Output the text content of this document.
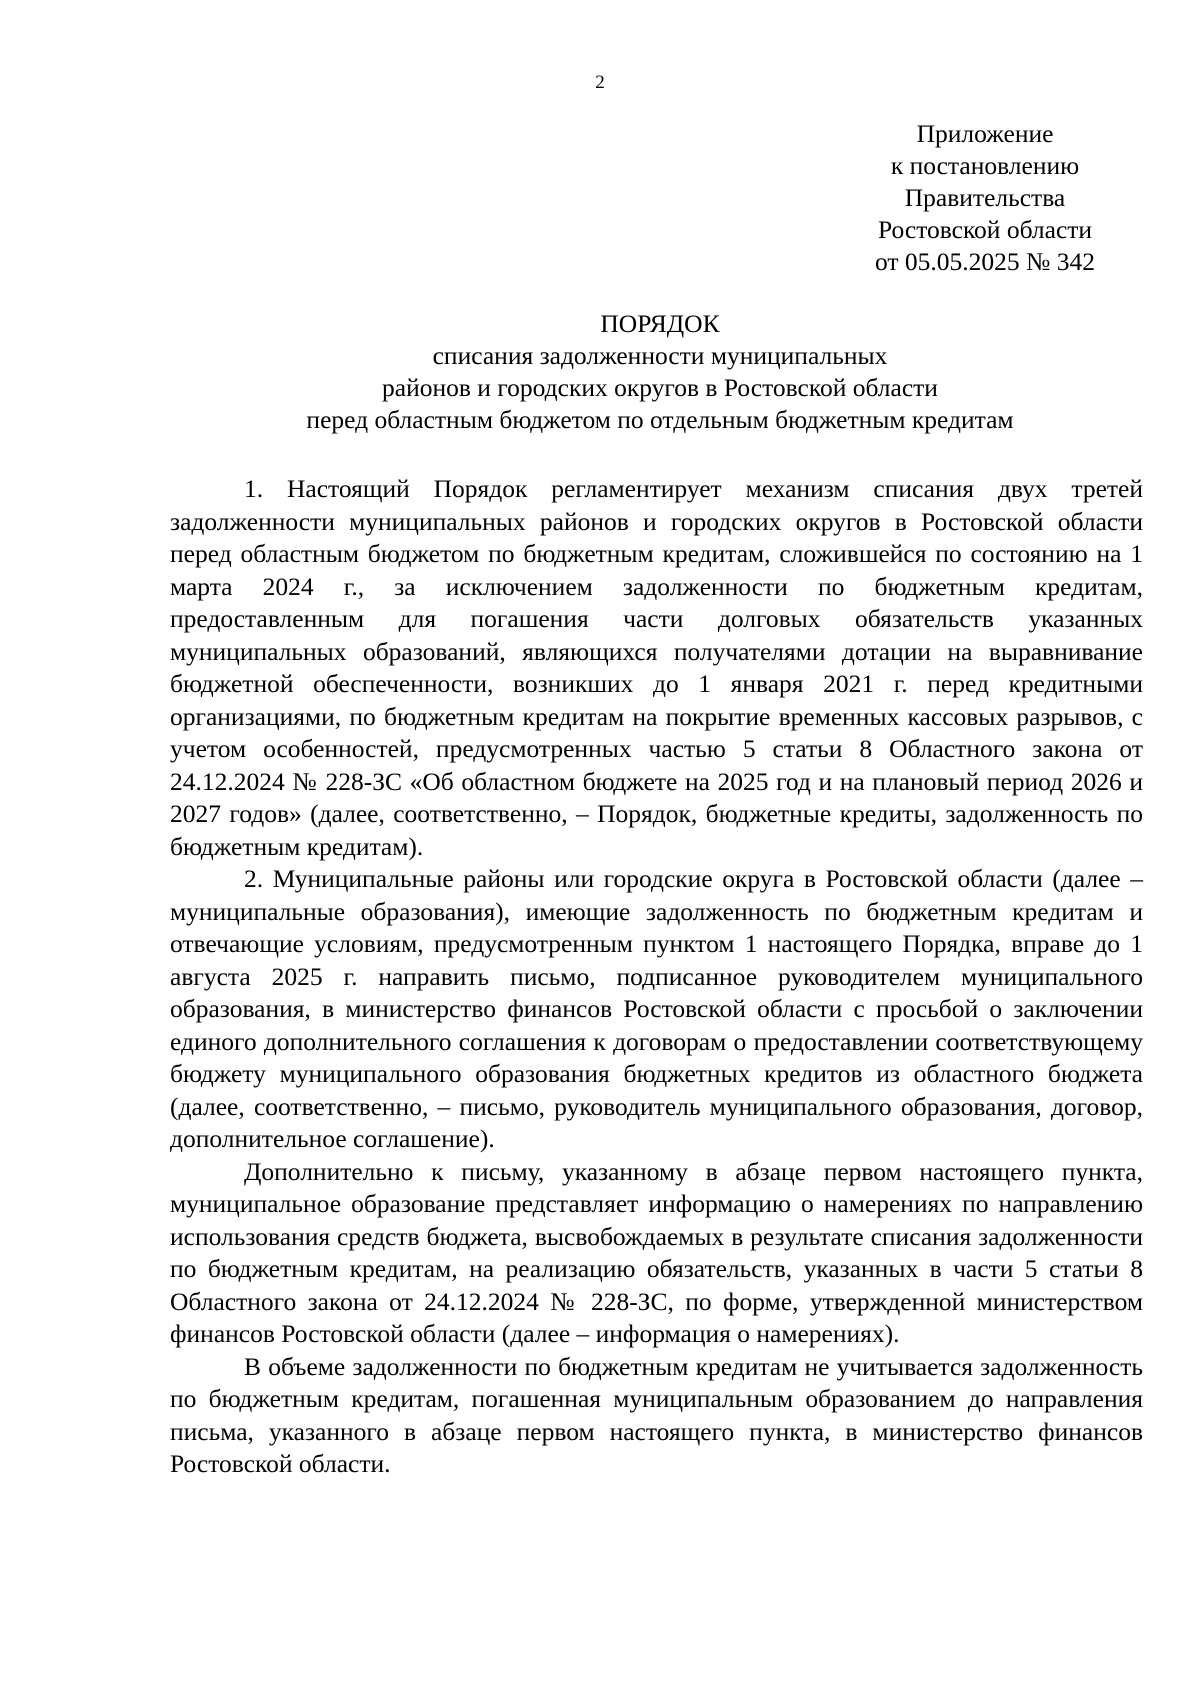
2
Приложение
к постановлению
Правительства
Ростовской области
от 05.05.2025 № 342
ПОРЯДОК
списания задолженности муниципальных
районов и городских округов в Ростовской области
перед областным бюджетом по отдельным бюджетным кредитам

1. Настоящий Порядок регламентирует механизм списания двух третей задолженности муниципальных районов и городских округов в Ростовской области перед областным бюджетом по бюджетным кредитам, сложившейся по состоянию на 1 марта 2024 г., за исключением задолженности по бюджетным кредитам, предоставленным для погашения части долговых обязательств указанных муниципальных образований, являющихся получателями дотации на выравнивание бюджетной обеспеченности, возникших до 1 января 2021 г. перед кредитными организациями, по бюджетным кредитам на покрытие временных кассовых разрывов, с учетом особенностей, предусмотренных частью 5 статьи 8 Областного закона от 24.12.2024 № 228-ЗС «Об областном бюджете на 2025 год и на плановый период 2026 и 2027 годов» (далее, соответственно, – Порядок, бюджетные кредиты, задолженность по бюджетным кредитам).

2. Муниципальные районы или городские округа в Ростовской области (далее – муниципальные образования), имеющие задолженность по бюджетным кредитам и отвечающие условиям, предусмотренным пунктом 1 настоящего Порядка, вправе до 1 августа 2025 г. направить письмо, подписанное руководителем муниципального образования, в министерство финансов Ростовской области с просьбой о заключении единого дополнительного соглашения к договорам о предоставлении соответствующему бюджету муниципального образования бюджетных кредитов из областного бюджета (далее, соответственно, – письмо, руководитель муниципального образования, договор, дополнительное соглашение).

Дополнительно к письму, указанному в абзаце первом настоящего пункта, муниципальное образование представляет информацию о намерениях по направлению использования средств бюджета, высвобождаемых в результате списания задолженности по бюджетным кредитам, на реализацию обязательств, указанных в части 5 статьи 8 Областного закона от 24.12.2024 № 228-ЗС, по форме, утвержденной министерством финансов Ростовской области (далее – информация о намерениях).

В объеме задолженности по бюджетным кредитам не учитывается задолженность по бюджетным кредитам, погашенная муниципальным образованием до направления письма, указанного в абзаце первом настоящего пункта, в министерство финансов Ростовской области.
